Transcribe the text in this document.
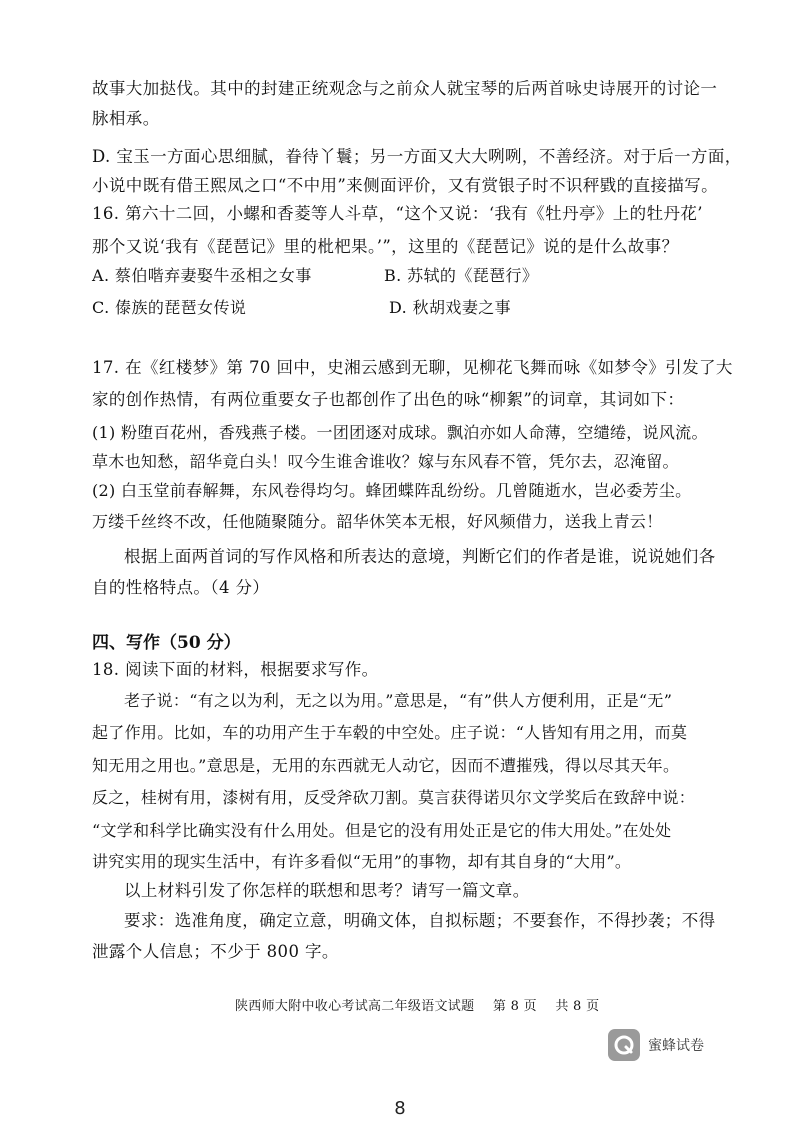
故事大加挞伐。其中的封建正统观念与之前众人就宝琴的后两首咏史诗展开的讨论一
脉相承。
D. 宝玉一方面心思细腻，眷待丫鬟；另一方面又大大咧咧，不善经济。对于后一方面，
小说中既有借王熙凤之口“不中用”来侧面评价，又有赏银子时不识秤戥的直接描写。
16. 第六十二回，小螺和香菱等人斗草，“这个又说：‘我有《牡丹亭》上的牡丹花’
那个又说‘我有《琵琶记》里的枇杷果。’”，这里的《琵琶记》说的是什么故事？
A. 蔡伯喈弃妻娶牛丞相之女事	B. 苏轼的《琵琶行》
C. 傣族的琵琶女传说	D. 秋胡戏妻之事
17. 在《红楼梦》第 70 回中，史湘云感到无聊，见柳花飞舞而咏《如梦令》引发了大
家的创作热情，有两位重要女子也都创作了出色的咏“柳絮”的词章，其词如下：
(1) 粉堕百花州，香残燕子楼。一团团逐对成球。飘泊亦如人命薄，空缱绻，说风流。
草木也知愁，韶华竟白头！叹今生谁舍谁收？嫁与东风春不管，凭尔去，忍淹留。
(2) 白玉堂前春解舞，东风卷得均匀。蜂团蝶阵乱纷纷。几曾随逝水，岂必委芳尘。
万缕千丝终不改，任他随聚随分。韶华休笑本无根，好风频借力，送我上青云！
根据上面两首词的写作风格和所表达的意境，判断它们的作者是谁，说说她们各
自的性格特点。（4 分）
四、写作（50 分）
18. 阅读下面的材料，根据要求写作。
老子说：“有之以为利，无之以为用。”意思是，“有”供人方便利用，正是“无”
起了作用。比如，车的功用产生于车毂的中空处。庄子说：“人皆知有用之用，而莫
知无用之用也。”意思是，无用的东西就无人动它，因而不遭摧残，得以尽其天年。
反之，桂树有用，漆树有用，反受斧砍刀割。莫言获得诺贝尔文学奖后在致辞中说：
“文学和科学比确实没有什么用处。但是它的没有用处正是它的伟大用处。”在处处
讲究实用的现实生活中，有许多看似“无用”的事物，却有其自身的“大用”。
以上材料引发了你怎样的联想和思考？请写一篇文章。
要求：选准角度，确定立意，明确文体，自拟标题；不要套作，不得抄袭；不得
泄露个人信息；不少于 800 字。
陕西师大附中收心考试高二年级语文试题 第 8 页 共 8 页
蜜蜂试卷
8
